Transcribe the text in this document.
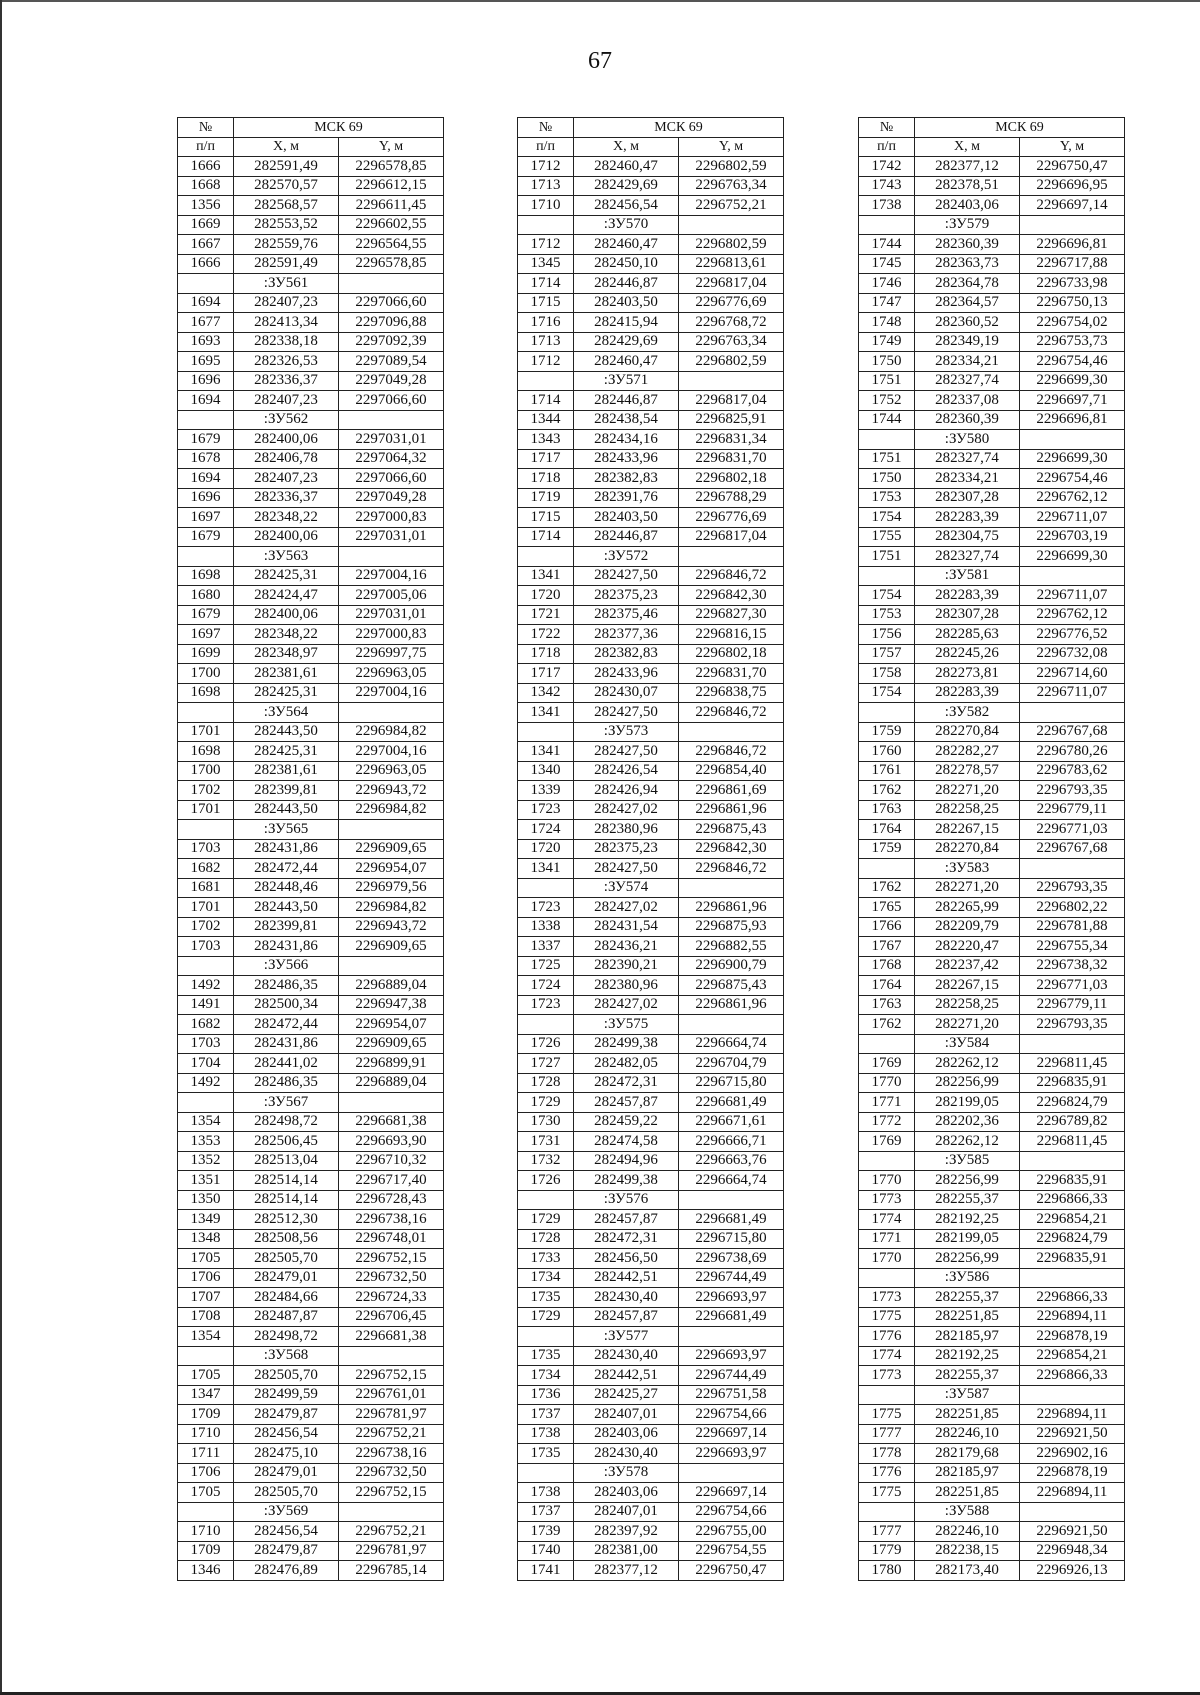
67
№	МСК 69	
п/п	X, м	Y, м
1666	282591,49	2296578,85
1668	282570,57	2296612,15
1356	282568,57	2296611,45
1669	282553,52	2296602,55
1667	282559,76	2296564,55
1666	282591,49	2296578,85
	:ЗУ561	
1694	282407,23	2297066,60
1677	282413,34	2297096,88
1693	282338,18	2297092,39
1695	282326,53	2297089,54
1696	282336,37	2297049,28
1694	282407,23	2297066,60
	:ЗУ562	
1679	282400,06	2297031,01
1678	282406,78	2297064,32
1694	282407,23	2297066,60
1696	282336,37	2297049,28
1697	282348,22	2297000,83
1679	282400,06	2297031,01
	:ЗУ563	
1698	282425,31	2297004,16
1680	282424,47	2297005,06
1679	282400,06	2297031,01
1697	282348,22	2297000,83
1699	282348,97	2296997,75
1700	282381,61	2296963,05
1698	282425,31	2297004,16
	:ЗУ564	
1701	282443,50	2296984,82
1698	282425,31	2297004,16
1700	282381,61	2296963,05
1702	282399,81	2296943,72
1701	282443,50	2296984,82
	:ЗУ565	
1703	282431,86	2296909,65
1682	282472,44	2296954,07
1681	282448,46	2296979,56
1701	282443,50	2296984,82
1702	282399,81	2296943,72
1703	282431,86	2296909,65
	:ЗУ566	
1492	282486,35	2296889,04
1491	282500,34	2296947,38
1682	282472,44	2296954,07
1703	282431,86	2296909,65
1704	282441,02	2296899,91
1492	282486,35	2296889,04
	:ЗУ567	
1354	282498,72	2296681,38
1353	282506,45	2296693,90
1352	282513,04	2296710,32
1351	282514,14	2296717,40
1350	282514,14	2296728,43
1349	282512,30	2296738,16
1348	282508,56	2296748,01
1705	282505,70	2296752,15
1706	282479,01	2296732,50
1707	282484,66	2296724,33
1708	282487,87	2296706,45
1354	282498,72	2296681,38
	:ЗУ568	
1705	282505,70	2296752,15
1347	282499,59	2296761,01
1709	282479,87	2296781,97
1710	282456,54	2296752,21
1711	282475,10	2296738,16
1706	282479,01	2296732,50
1705	282505,70	2296752,15
	:ЗУ569	
1710	282456,54	2296752,21
1709	282479,87	2296781,97
1346	282476,89	2296785,14
№	МСК 69	
п/п	X, м	Y, м
1712	282460,47	2296802,59
1713	282429,69	2296763,34
1710	282456,54	2296752,21
	:ЗУ570	
1712	282460,47	2296802,59
1345	282450,10	2296813,61
1714	282446,87	2296817,04
1715	282403,50	2296776,69
1716	282415,94	2296768,72
1713	282429,69	2296763,34
1712	282460,47	2296802,59
	:ЗУ571	
1714	282446,87	2296817,04
1344	282438,54	2296825,91
1343	282434,16	2296831,34
1717	282433,96	2296831,70
1718	282382,83	2296802,18
1719	282391,76	2296788,29
1715	282403,50	2296776,69
1714	282446,87	2296817,04
	:ЗУ572	
1341	282427,50	2296846,72
1720	282375,23	2296842,30
1721	282375,46	2296827,30
1722	282377,36	2296816,15
1718	282382,83	2296802,18
1717	282433,96	2296831,70
1342	282430,07	2296838,75
1341	282427,50	2296846,72
	:ЗУ573	
1341	282427,50	2296846,72
1340	282426,54	2296854,40
1339	282426,94	2296861,69
1723	282427,02	2296861,96
1724	282380,96	2296875,43
1720	282375,23	2296842,30
1341	282427,50	2296846,72
	:ЗУ574	
1723	282427,02	2296861,96
1338	282431,54	2296875,93
1337	282436,21	2296882,55
1725	282390,21	2296900,79
1724	282380,96	2296875,43
1723	282427,02	2296861,96
	:ЗУ575	
1726	282499,38	2296664,74
1727	282482,05	2296704,79
1728	282472,31	2296715,80
1729	282457,87	2296681,49
1730	282459,22	2296671,61
1731	282474,58	2296666,71
1732	282494,96	2296663,76
1726	282499,38	2296664,74
	:ЗУ576	
1729	282457,87	2296681,49
1728	282472,31	2296715,80
1733	282456,50	2296738,69
1734	282442,51	2296744,49
1735	282430,40	2296693,97
1729	282457,87	2296681,49
	:ЗУ577	
1735	282430,40	2296693,97
1734	282442,51	2296744,49
1736	282425,27	2296751,58
1737	282407,01	2296754,66
1738	282403,06	2296697,14
1735	282430,40	2296693,97
	:ЗУ578	
1738	282403,06	2296697,14
1737	282407,01	2296754,66
1739	282397,92	2296755,00
1740	282381,00	2296754,55
1741	282377,12	2296750,47
№	МСК 69	
п/п	X, м	Y, м
1742	282377,12	2296750,47
1743	282378,51	2296696,95
1738	282403,06	2296697,14
	:ЗУ579	
1744	282360,39	2296696,81
1745	282363,73	2296717,88
1746	282364,78	2296733,98
1747	282364,57	2296750,13
1748	282360,52	2296754,02
1749	282349,19	2296753,73
1750	282334,21	2296754,46
1751	282327,74	2296699,30
1752	282337,08	2296697,71
1744	282360,39	2296696,81
	:ЗУ580	
1751	282327,74	2296699,30
1750	282334,21	2296754,46
1753	282307,28	2296762,12
1754	282283,39	2296711,07
1755	282304,75	2296703,19
1751	282327,74	2296699,30
	:ЗУ581	
1754	282283,39	2296711,07
1753	282307,28	2296762,12
1756	282285,63	2296776,52
1757	282245,26	2296732,08
1758	282273,81	2296714,60
1754	282283,39	2296711,07
	:ЗУ582	
1759	282270,84	2296767,68
1760	282282,27	2296780,26
1761	282278,57	2296783,62
1762	282271,20	2296793,35
1763	282258,25	2296779,11
1764	282267,15	2296771,03
1759	282270,84	2296767,68
	:ЗУ583	
1762	282271,20	2296793,35
1765	282265,99	2296802,22
1766	282209,79	2296781,88
1767	282220,47	2296755,34
1768	282237,42	2296738,32
1764	282267,15	2296771,03
1763	282258,25	2296779,11
1762	282271,20	2296793,35
	:ЗУ584	
1769	282262,12	2296811,45
1770	282256,99	2296835,91
1771	282199,05	2296824,79
1772	282202,36	2296789,82
1769	282262,12	2296811,45
	:ЗУ585	
1770	282256,99	2296835,91
1773	282255,37	2296866,33
1774	282192,25	2296854,21
1771	282199,05	2296824,79
1770	282256,99	2296835,91
	:ЗУ586	
1773	282255,37	2296866,33
1775	282251,85	2296894,11
1776	282185,97	2296878,19
1774	282192,25	2296854,21
1773	282255,37	2296866,33
	:ЗУ587	
1775	282251,85	2296894,11
1777	282246,10	2296921,50
1778	282179,68	2296902,16
1776	282185,97	2296878,19
1775	282251,85	2296894,11
	:ЗУ588	
1777	282246,10	2296921,50
1779	282238,15	2296948,34
1780	282173,40	2296926,13
